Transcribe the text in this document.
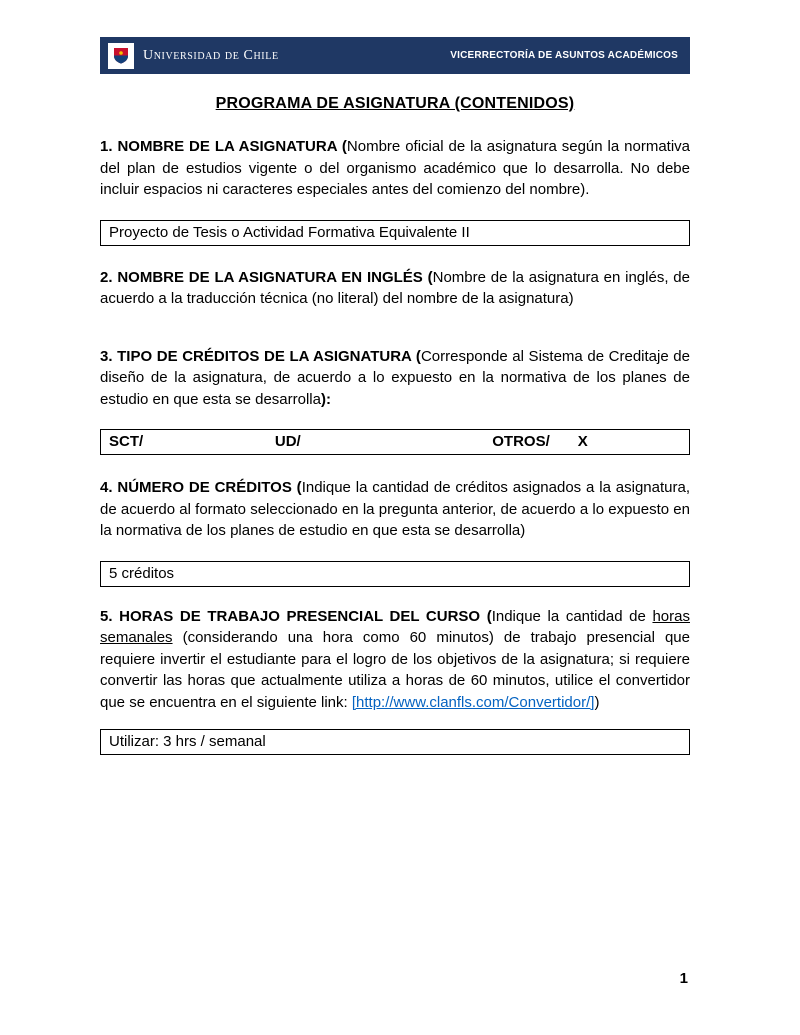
Universidad de Chile	VICERRECTORÍA DE ASUNTOS ACADÉMICOS
PROGRAMA DE ASIGNATURA (CONTENIDOS)

1. NOMBRE DE LA ASIGNATURA (Nombre oficial de la asignatura según la normativa del plan de estudios vigente o del organismo académico que lo desarrolla. No debe incluir espacios ni caracteres especiales antes del comienzo del nombre).

Proyecto de Tesis o Actividad Formativa Equivalente II

2. NOMBRE DE LA ASIGNATURA EN INGLÉS (Nombre de la asignatura en inglés, de acuerdo a la traducción técnica (no literal) del nombre de la asignatura)

3. TIPO DE CRÉDITOS DE LA ASIGNATURA (Corresponde al Sistema de Creditaje de diseño de la asignatura, de acuerdo a lo expuesto en la normativa de los planes de estudio en que esta se desarrolla):

SCT/	UD/	OTROS/ X

4. NÚMERO DE CRÉDITOS (Indique la cantidad de créditos asignados a la asignatura, de acuerdo al formato seleccionado en la pregunta anterior, de acuerdo a lo expuesto en la normativa de los planes de estudio en que esta se desarrolla)

5 créditos

5. HORAS DE TRABAJO PRESENCIAL DEL CURSO (Indique la cantidad de horas semanales (considerando una hora como 60 minutos) de trabajo presencial que requiere invertir el estudiante para el logro de los objetivos de la asignatura; si requiere convertir las horas que actualmente utiliza a horas de 60 minutos, utilice el convertidor que se encuentra en el siguiente link: [http://www.clanfls.com/Convertidor/])

Utilizar: 3 hrs / semanal
1
